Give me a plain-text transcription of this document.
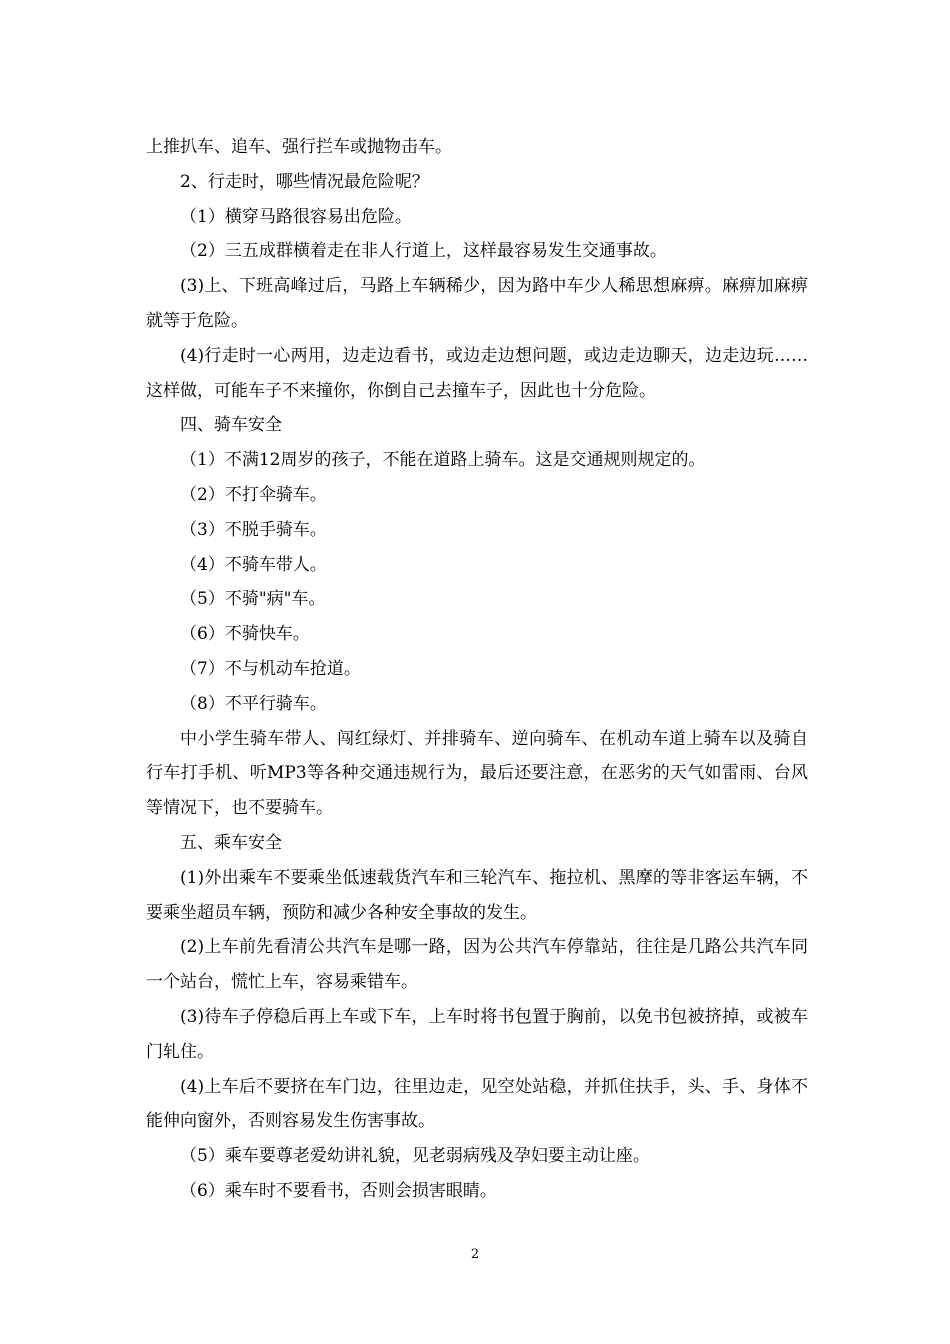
上推扒车、追车、强行拦车或抛物击车。

2、行走时，哪些情况最危险呢？

（1）横穿马路很容易出危险。

（2）三五成群横着走在非人行道上，这样最容易发生交通事故。

(3)上、下班高峰过后，马路上车辆稀少，因为路中车少人稀思想麻痹。麻痹加麻痹就等于危险。

(4)行走时一心两用，边走边看书，或边走边想问题，或边走边聊天，边走边玩……这样做，可能车子不来撞你，你倒自己去撞车子，因此也十分危险。

四、骑车安全

（1）不满12周岁的孩子，不能在道路上骑车。这是交通规则规定的。

（2）不打伞骑车。

（3）不脱手骑车。

（4）不骑车带人。

（5）不骑"病"车。

（6）不骑快车。

（7）不与机动车抢道。

（8）不平行骑车。

中小学生骑车带人、闯红绿灯、并排骑车、逆向骑车、在机动车道上骑车以及骑自行车打手机、听MP3等各种交通违规行为，最后还要注意，在恶劣的天气如雷雨、台风等情况下，也不要骑车。

五、乘车安全

(1)外出乘车不要乘坐低速载货汽车和三轮汽车、拖拉机、黑摩的等非客运车辆，不要乘坐超员车辆，预防和减少各种安全事故的发生。

(2)上车前先看清公共汽车是哪一路，因为公共汽车停靠站，往往是几路公共汽车同一个站台，慌忙上车，容易乘错车。

(3)待车子停稳后再上车或下车，上车时将书包置于胸前，以免书包被挤掉，或被车门轧住。

(4)上车后不要挤在车门边，往里边走，见空处站稳，并抓住扶手，头、手、身体不能伸向窗外，否则容易发生伤害事故。

（5）乘车要尊老爱幼讲礼貌，见老弱病残及孕妇要主动让座。

（6）乘车时不要看书，否则会损害眼睛。

2
